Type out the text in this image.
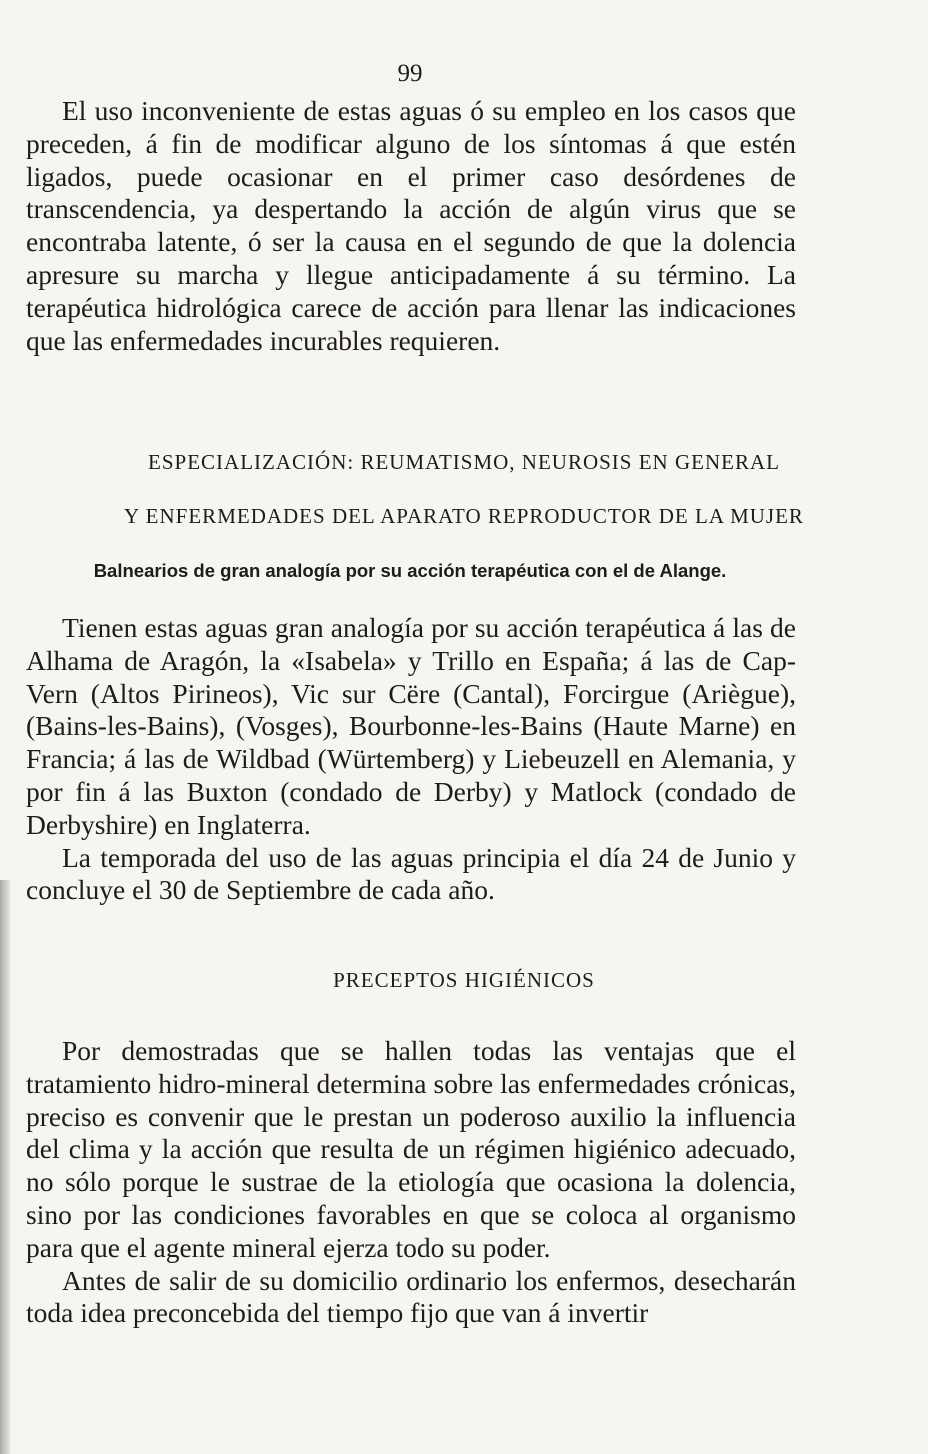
99

El uso inconveniente de estas aguas ó su empleo en los casos que preceden, á fin de modificar alguno de los síntomas á que estén ligados, puede ocasionar en el primer caso desórdenes de transcendencia, ya despertando la acción de algún virus que se encontraba latente, ó ser la causa en el segundo de que la dolencia apresure su marcha y llegue anticipadamente á su término. La terapéutica hidrológica carece de acción para llenar las indicaciones que las enfermedades incurables requieren.

ESPECIALIZACIÓN: REUMATISMO, NEUROSIS EN GENERAL
Y ENFERMEDADES DEL APARATO REPRODUCTOR DE LA MUJER
Balnearios de gran analogía por su acción terapéutica con el de Alange.

Tienen estas aguas gran analogía por su acción terapéutica á las de Alhama de Aragón, la «Isabela» y Trillo en España; á las de Cap-Vern (Altos Pirineos), Vic sur Cëre (Cantal), Forcirgue (Ariègue), (Bains-les-Bains), (Vosges), Bourbonne-les-Bains (Haute Marne) en Francia; á las de Wildbad (Würtemberg) y Liebeuzell en Alemania, y por fin á las Buxton (condado de Derby) y Matlock (condado de Derbyshire) en Inglaterra.

La temporada del uso de las aguas principia el día 24 de Junio y concluye el 30 de Septiembre de cada año.

PRECEPTOS HIGIÉNICOS

Por demostradas que se hallen todas las ventajas que el tratamiento hidro-mineral determina sobre las enfermedades crónicas, preciso es convenir que le prestan un poderoso auxilio la influencia del clima y la acción que resulta de un régimen higiénico adecuado, no sólo porque le sustrae de la etiología que ocasiona la dolencia, sino por las condiciones favorables en que se coloca al organismo para que el agente mineral ejerza todo su poder.

Antes de salir de su domicilio ordinario los enfermos, desecharán toda idea preconcebida del tiempo fijo que van á invertir
